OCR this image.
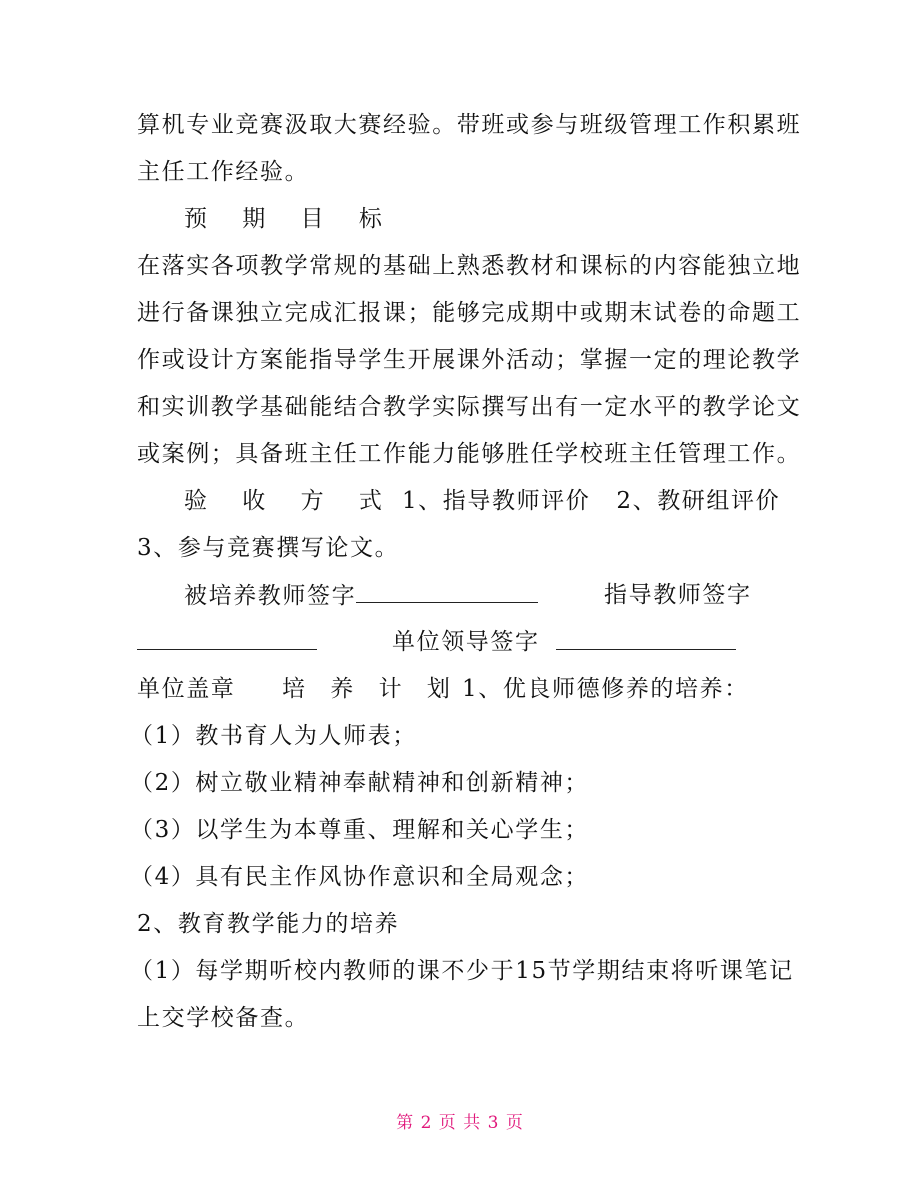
算机专业竞赛汲取大赛经验。带班或参与班级管理工作积累班
主任工作经验。
预 期 目 标
在落实各项教学常规的基础上熟悉教材和课标的内容能独立地
进行备课独立完成汇报课；能够完成期中或期末试卷的命题工
作或设计方案能指导学生开展课外活动；掌握一定的理论教学
和实训教学基础能结合教学实际撰写出有一定水平的教学论文
或案例；具备班主任工作能力能够胜任学校班主任管理工作。
验 收 方 式 1、指导教师评价 2、教研组评价
3、参与竞赛撰写论文。
被培养教师签字	指导教师签字
单位领导签字
单位盖章 培 养 计 划 1、优良师德修养的培养：
（1）教书育人为人师表；
（2）树立敬业精神奉献精神和创新精神；
（3）以学生为本尊重、理解和关心学生；
（4）具有民主作风协作意识和全局观念；
2、教育教学能力的培养
（1）每学期听校内教师的课不少于15节学期结束将听课笔记
上交学校备查。
第 2 页 共 3 页
